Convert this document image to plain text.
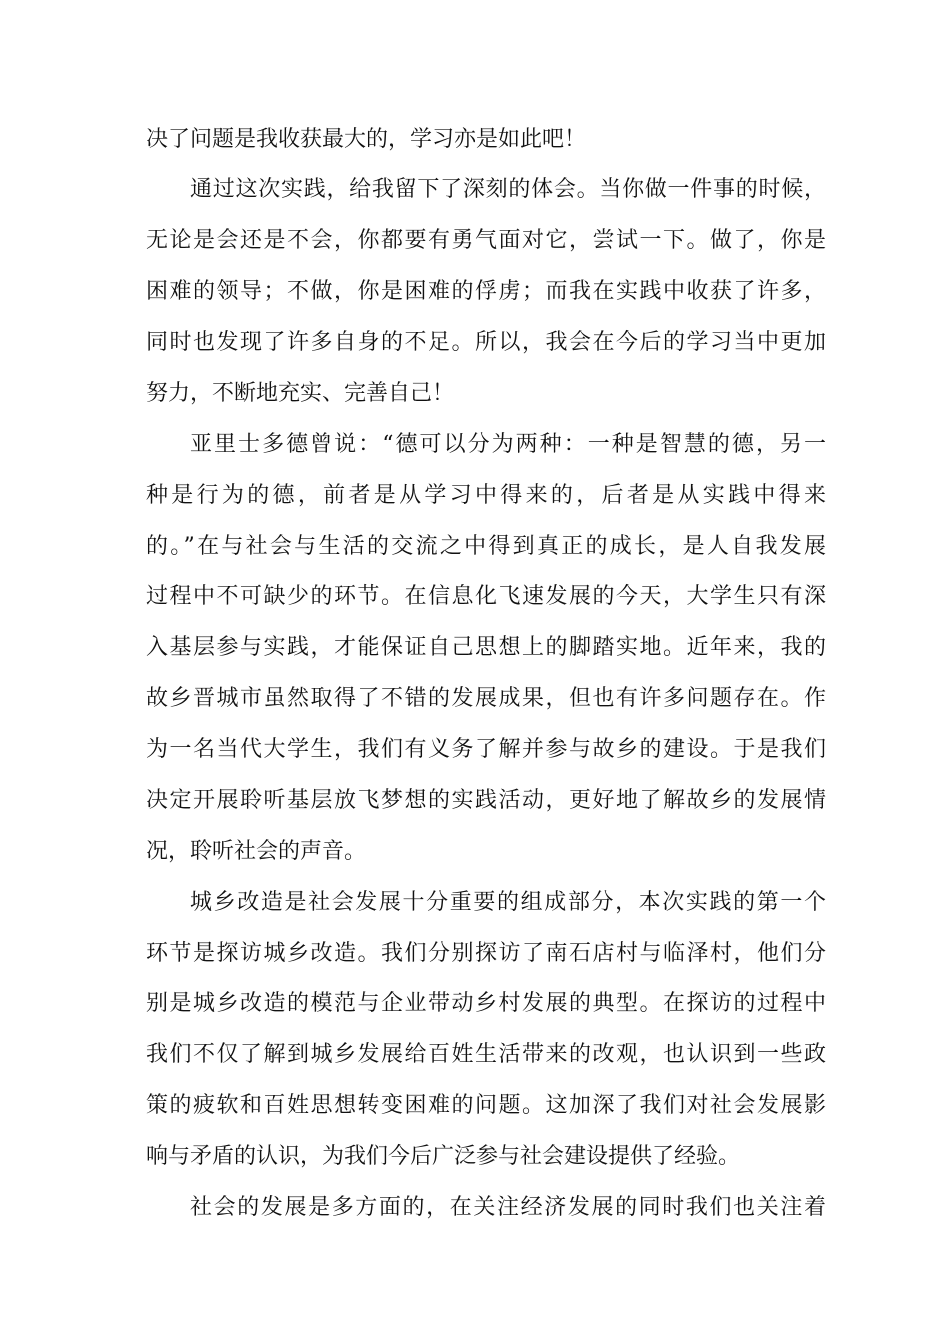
决了问题是我收获最大的，学习亦是如此吧！
通过这次实践，给我留下了深刻的体会。当你做一件事的时候，
无论是会还是不会，你都要有勇气面对它，尝试一下。做了，你是
困难的领导；不做，你是困难的俘虏；而我在实践中收获了许多，
同时也发现了许多自身的不足。所以，我会在今后的学习当中更加
努力，不断地充实、完善自己！
亚里士多德曾说：“德可以分为两种：一种是智慧的德，另一
种是行为的德，前者是从学习中得来的，后者是从实践中得来
的。”在与社会与生活的交流之中得到真正的成长，是人自我发展
过程中不可缺少的环节。在信息化飞速发展的今天，大学生只有深
入基层参与实践，才能保证自己思想上的脚踏实地。近年来，我的
故乡晋城市虽然取得了不错的发展成果，但也有许多问题存在。作
为一名当代大学生，我们有义务了解并参与故乡的建设。于是我们
决定开展聆听基层放飞梦想的实践活动，更好地了解故乡的发展情
况，聆听社会的声音。
城乡改造是社会发展十分重要的组成部分，本次实践的第一个
环节是探访城乡改造。我们分别探访了南石店村与临泽村，他们分
别是城乡改造的模范与企业带动乡村发展的典型。在探访的过程中
我们不仅了解到城乡发展给百姓生活带来的改观，也认识到一些政
策的疲软和百姓思想转变困难的问题。这加深了我们对社会发展影
响与矛盾的认识，为我们今后广泛参与社会建设提供了经验。
社会的发展是多方面的，在关注经济发展的同时我们也关注着
